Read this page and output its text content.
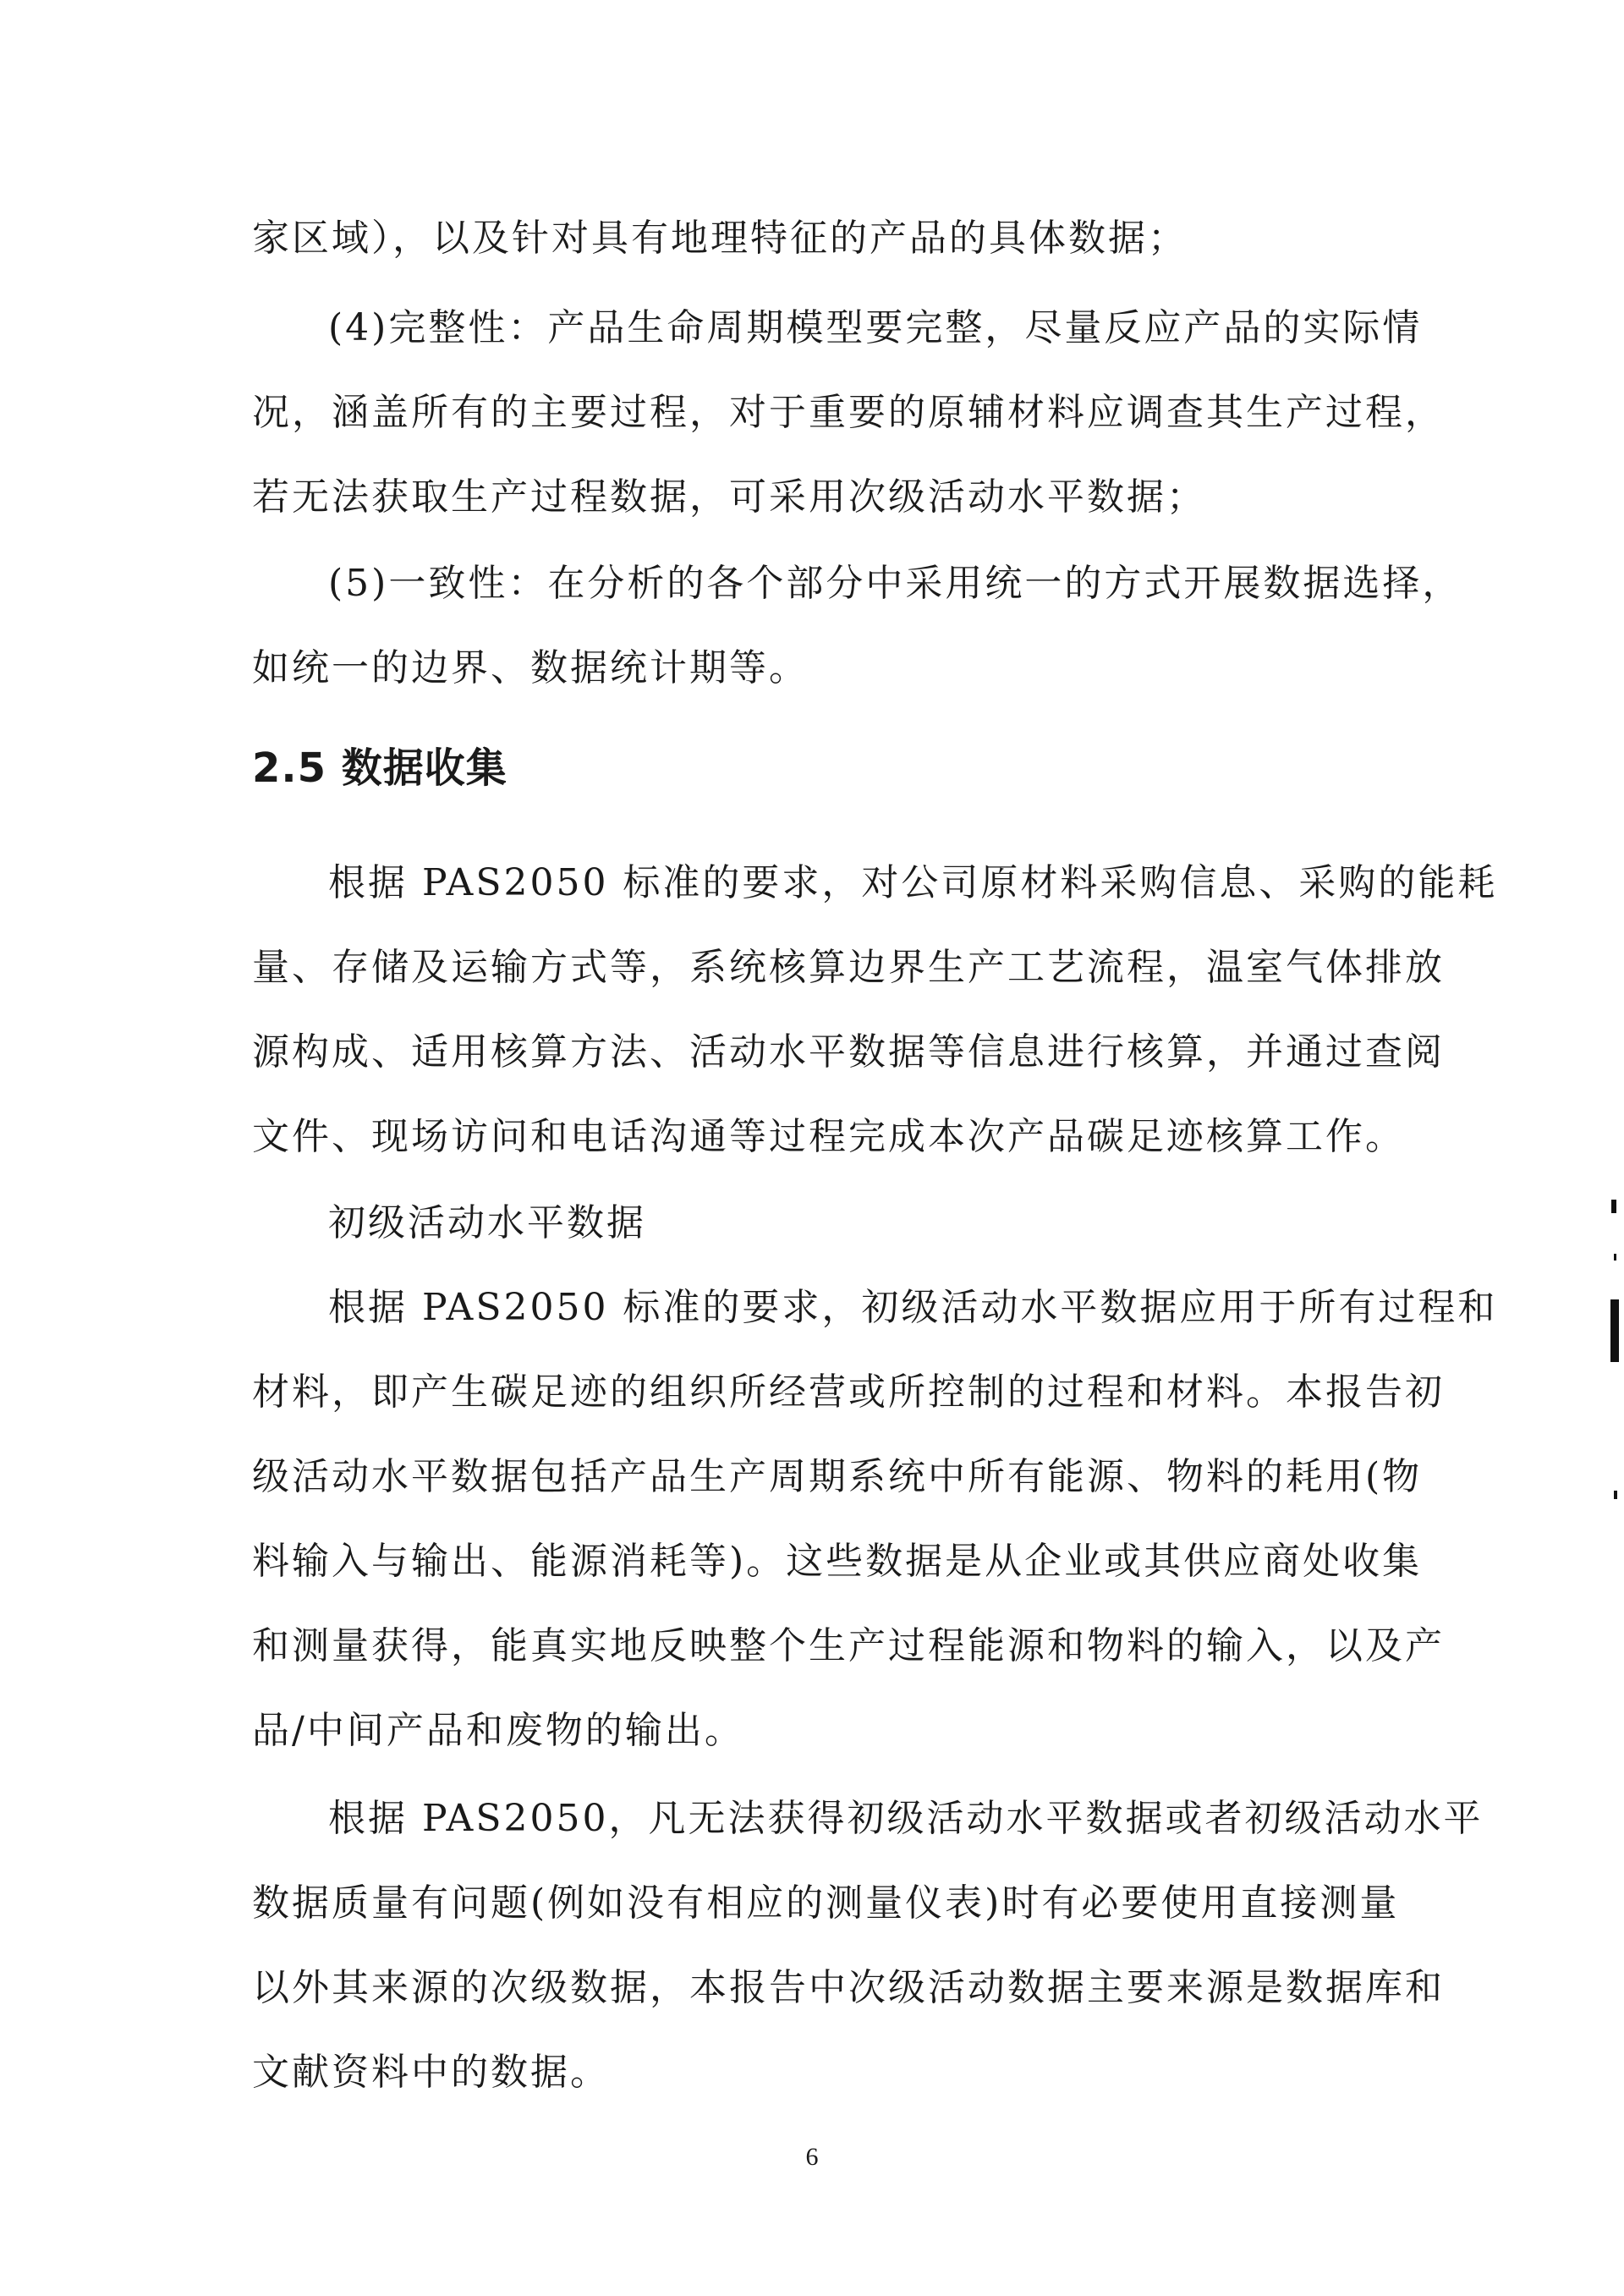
家区域），以及针对具有地理特征的产品的具体数据；
(4)完整性：产品生命周期模型要完整，尽量反应产品的实际情
况，涵盖所有的主要过程，对于重要的原辅材料应调查其生产过程，
若无法获取生产过程数据，可采用次级活动水平数据；
(5)一致性：在分析的各个部分中采用统一的方式开展数据选择，
如统一的边界、数据统计期等。
2.5 数据收集
根据 PAS2050 标准的要求，对公司原材料采购信息、采购的能耗
量、存储及运输方式等，系统核算边界生产工艺流程，温室气体排放
源构成、适用核算方法、活动水平数据等信息进行核算，并通过查阅
文件、现场访问和电话沟通等过程完成本次产品碳足迹核算工作。
初级活动水平数据
根据 PAS2050 标准的要求，初级活动水平数据应用于所有过程和
材料，即产生碳足迹的组织所经营或所控制的过程和材料。本报告初
级活动水平数据包括产品生产周期系统中所有能源、物料的耗用(物
料输入与输出、能源消耗等)。这些数据是从企业或其供应商处收集
和测量获得，能真实地反映整个生产过程能源和物料的输入，以及产
品/中间产品和废物的输出。
根据 PAS2050，凡无法获得初级活动水平数据或者初级活动水平
数据质量有问题(例如没有相应的测量仪表)时有必要使用直接测量
以外其来源的次级数据，本报告中次级活动数据主要来源是数据库和
文献资料中的数据。
6
